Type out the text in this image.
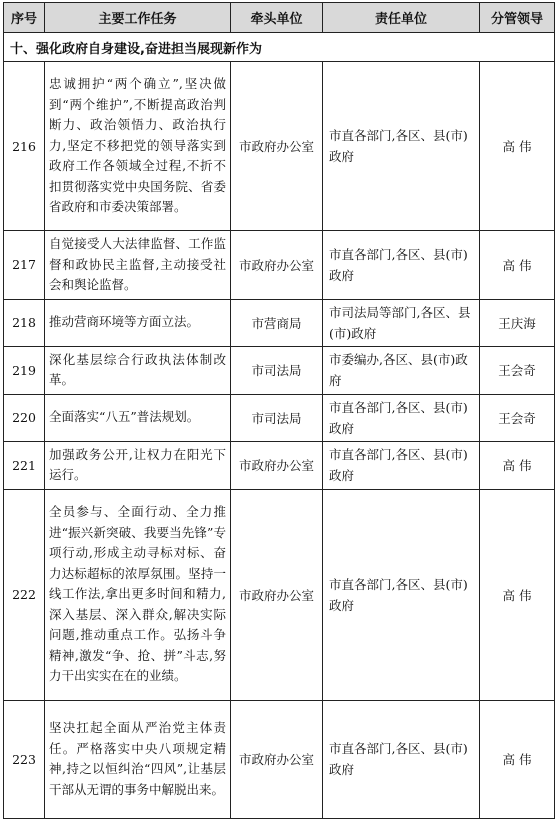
序号	主要工作任务	牵头单位	责任单位	分管领导
十、强化政府自身建设,奋进担当展现新作为				
216	忠诚拥护“两个确立”,坚决做到“两个维护”,不断提高政治判断力、政治领悟力、政治执行力,坚定不移把党的领导落实到政府工作各领域全过程,不折不扣贯彻落实党中央国务院、省委省政府和市委决策部署。	市政府办公室	市直各部门,各区、县(市)政府	高 伟
217	自觉接受人大法律监督、工作监督和政协民主监督,主动接受社会和舆论监督。	市政府办公室	市直各部门,各区、县(市)政府	高 伟
218	推动营商环境等方面立法。	市营商局	市司法局等部门,各区、县(市)政府	王庆海
219	深化基层综合行政执法体制改革。	市司法局	市委编办,各区、县(市)政府	王会奇
220	全面落实“八五”普法规划。	市司法局	市直各部门,各区、县(市)政府	王会奇
221	加强政务公开,让权力在阳光下运行。	市政府办公室	市直各部门,各区、县(市)政府	高 伟
222	全员参与、全面行动、全力推进“振兴新突破、我要当先锋”专项行动,形成主动寻标对标、奋力达标超标的浓厚氛围。坚持一线工作法,拿出更多时间和精力,深入基层、深入群众,解决实际问题,推动重点工作。弘扬斗争精神,激发“争、抢、拼”斗志,努力干出实实在在的业绩。	市政府办公室	市直各部门,各区、县(市)政府	高 伟
223	坚决扛起全面从严治党主体责任。严格落实中央八项规定精神,持之以恒纠治“四风”,让基层干部从无谓的事务中解脱出来。	市政府办公室	市直各部门,各区、县(市)政府	高 伟
